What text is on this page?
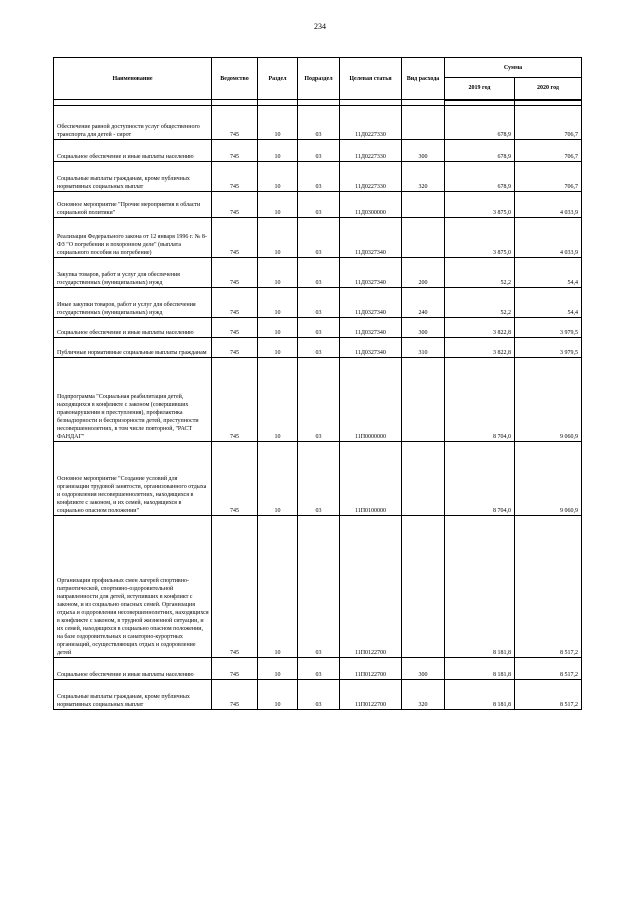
234
Наименование	Ведомство	Раздел	Подраздел	Целевая статья	Вид расхода	Сумма	
						2019 год	2020 год

Обеспечение равной доступности услуг общественного транспорта для детей - сирот	745	10	03	11Д0227330		678,9	706,7
Социальное обеспечение и иные выплаты населению	745	10	03	11Д0227330	300	678,9	706,7
Социальные выплаты гражданам, кроме публичных нормативных социальных выплат	745	10	03	11Д0227330	320	678,9	706,7
Основное мероприятие "Прочие мероприятия в области социальной политики"	745	10	03	11Д0300000		3 875,0	4 033,9
Реализация Федерального закона от 12 января 1996 г. № 8-ФЗ "О погребении и похоронном деле" (выплата социального пособия на погребение)	745	10	03	11Д0327340		3 875,0	4 033,9
Закупка товаров, работ и услуг для обеспечения государственных (муниципальных) нужд	745	10	03	11Д0327340	200	52,2	54,4
Иные закупки товаров, работ и услуг для обеспечения государственных (муниципальных) нужд	745	10	03	11Д0327340	240	52,2	54,4
Социальное обеспечение и иные выплаты населению	745	10	03	11Д0327340	300	3 822,8	3 979,5
Публичные нормативные социальные выплаты гражданам	745	10	03	11Д0327340	310	3 822,8	3 979,5
Подпрограмма "Социальная реабилитация детей, находящихся в конфликте с законом (совершивших правонарушения и преступления), профилактика безнадзорности и беспризорности детей, преступности несовершеннолетних, в том числе повторной, "РАСТ ФАНДАГ"	745	10	03	11П0000000		8 704,0	9 060,9
Основное мероприятие "Создание условий для организации трудовой занятости, организованного отдыха и оздоровления несовершеннолетних, находящихся в конфликте с законом, и их семей, находящихся в социально опасном положении"	745	10	03	11П0100000		8 704,0	9 060,9
Организация профильных смен лагерей спортивно-патриотической, спортивно-оздоровительной направленности для детей, вступивших в конфликт с законом, и из социально опасных семей. Организация отдыха и оздоровления несовершеннолетних, находящихся в конфликте с законом, в трудной жизненной ситуации, и их семей, находящихся в социально опасном положении, на базе оздоровительных и санаторно-курортных организаций, осуществляющих отдых и оздоровление детей	745	10	03	11П0122700		8 181,8	8 517,2
Социальное обеспечение и иные выплаты населению	745	10	03	11П0122700	300	8 181,8	8 517,2
Социальные выплаты гражданам, кроме публичных нормативных социальных выплат	745	10	03	11П0122700	320	8 181,8	8 517,2
